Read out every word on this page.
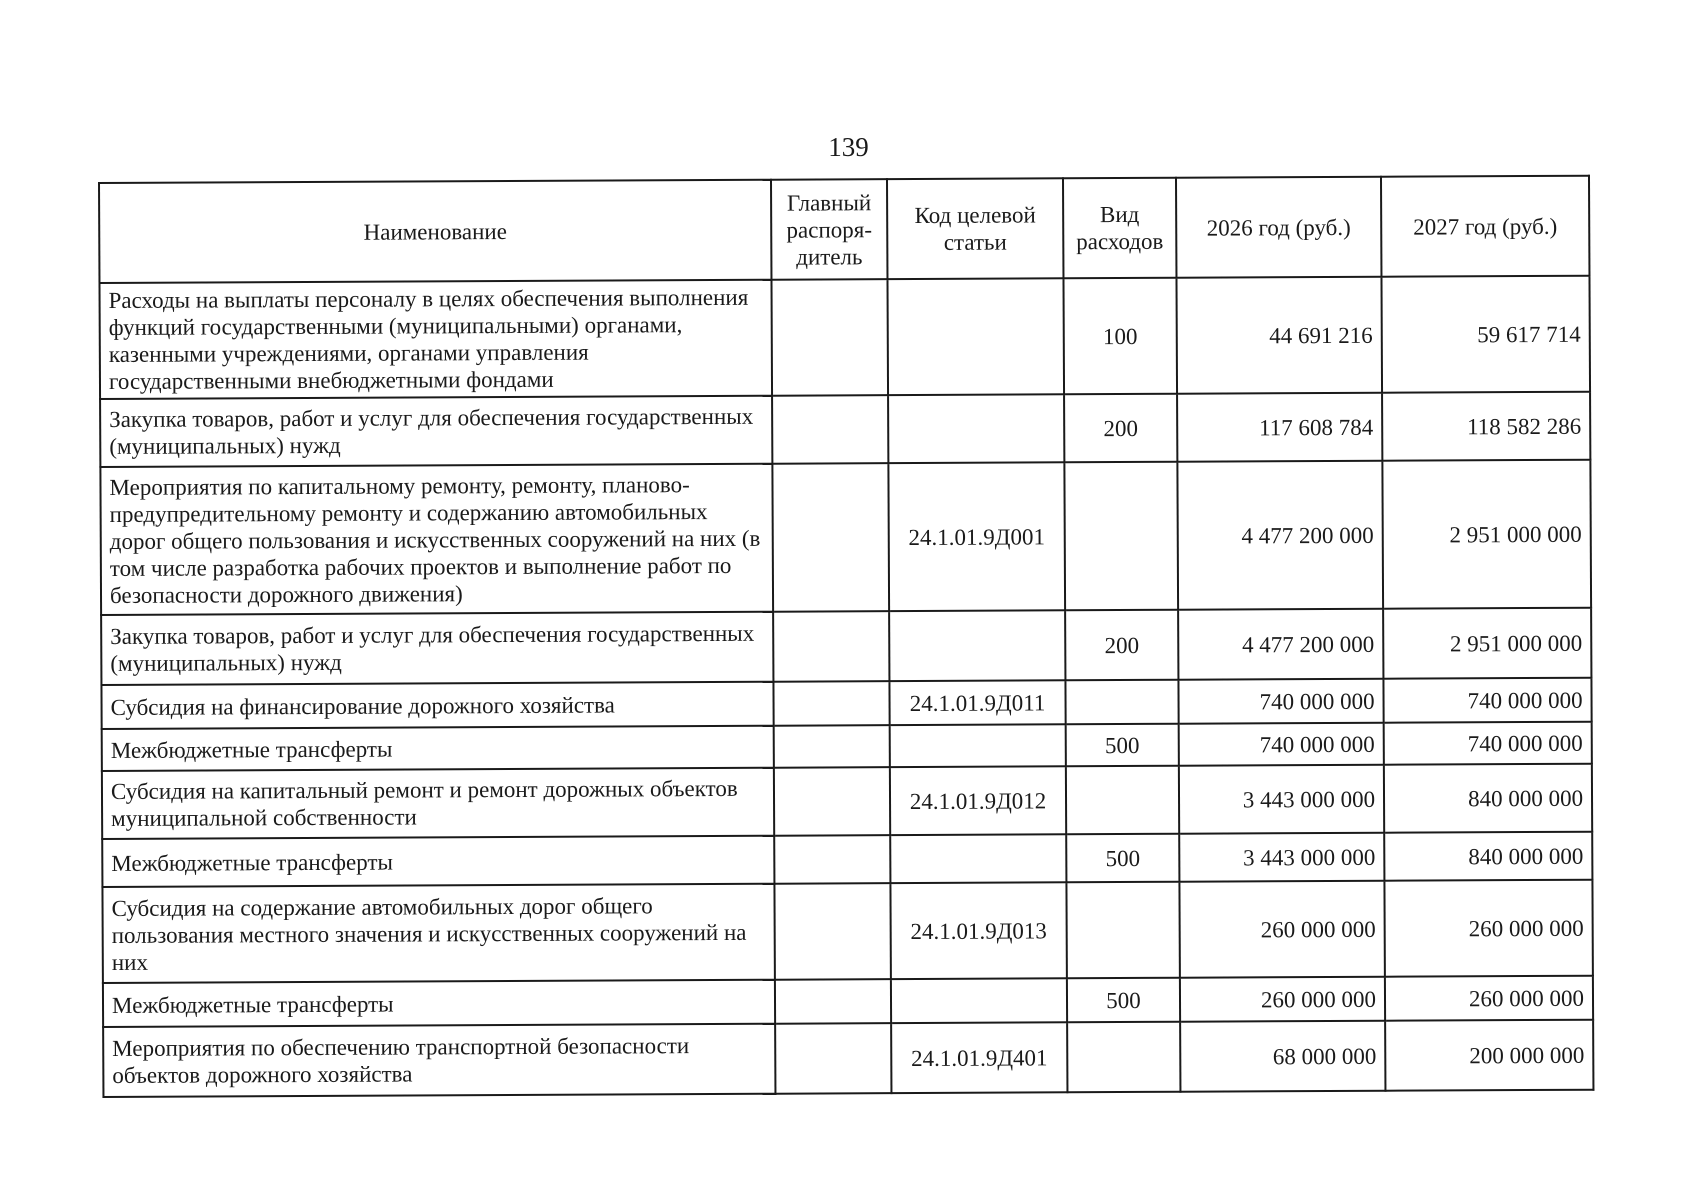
139
Наименование	Главный распоря-дитель	Код целевой статьи	Вид расходов	2026 год (руб.)	2027 год (руб.)
Расходы на выплаты персоналу в целях обеспечения выполнения функций государственными (муниципальными) органами, казенными учреждениями, органами управления государственными внебюджетными фондами			100	44 691 216	59 617 714
Закупка товаров, работ и услуг для обеспечения государственных (муниципальных) нужд			200	117 608 784	118 582 286
Мероприятия по капитальному ремонту, ремонту, планово-предупредительному ремонту и содержанию автомобильных дорог общего пользования и искусственных сооружений на них (в том числе разработка рабочих проектов и выполнение работ по безопасности дорожного движения)		24.1.01.9Д001		4 477 200 000	2 951 000 000
Закупка товаров, работ и услуг для обеспечения государственных (муниципальных) нужд			200	4 477 200 000	2 951 000 000
Субсидия на финансирование дорожного хозяйства		24.1.01.9Д011		740 000 000	740 000 000
Межбюджетные трансферты			500	740 000 000	740 000 000
Субсидия на капитальный ремонт и ремонт дорожных объектов муниципальной собственности		24.1.01.9Д012		3 443 000 000	840 000 000
Межбюджетные трансферты			500	3 443 000 000	840 000 000
Субсидия на содержание автомобильных дорог общего пользования местного значения и искусственных сооружений на них		24.1.01.9Д013		260 000 000	260 000 000
Межбюджетные трансферты			500	260 000 000	260 000 000
Мероприятия по обеспечению транспортной безопасности объектов дорожного хозяйства		24.1.01.9Д401		68 000 000	200 000 000
